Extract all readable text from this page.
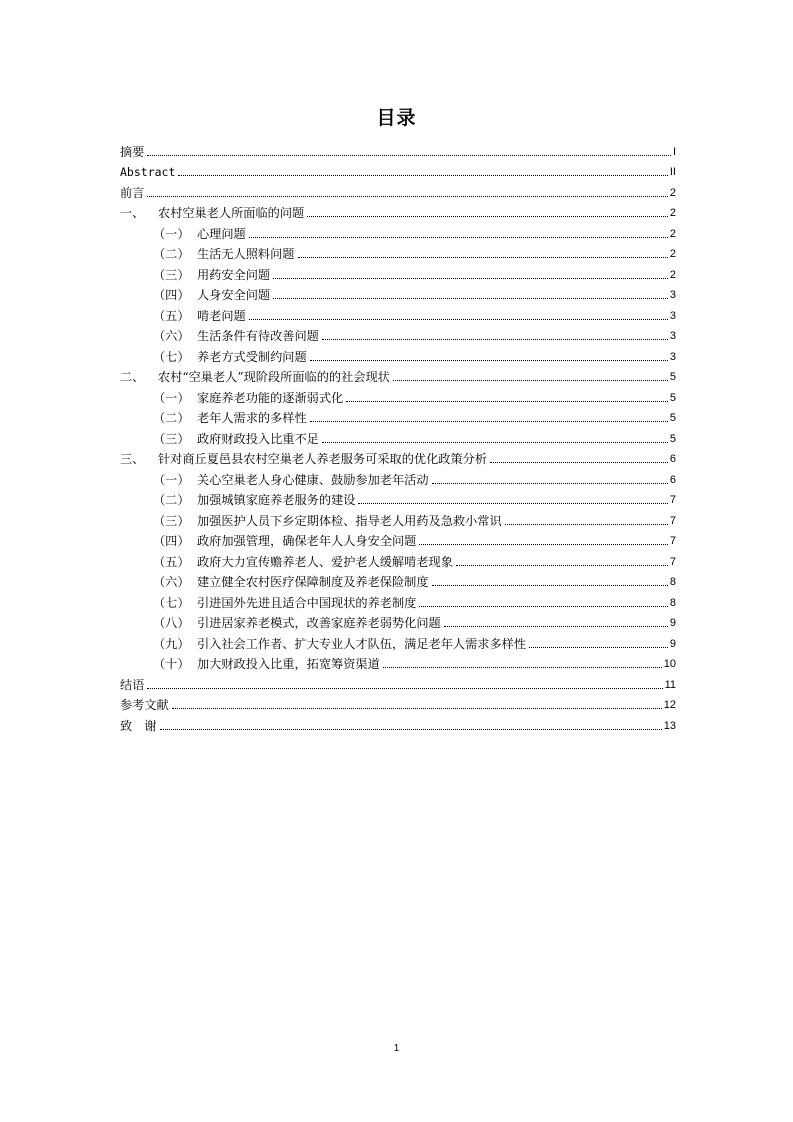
目录
摘要	I
Abstract	II
前言	2
一、	农村空巢老人所面临的问题	2
（一） 心理问题	2
（二） 生活无人照料问题	2
（三） 用药安全问题	2
（四） 人身安全问题	3
（五） 啃老问题	3
（六） 生活条件有待改善问题	3
（七） 养老方式受制约问题	3
二、	农村“空巢老人”现阶段所面临的的社会现状	5
（一） 家庭养老功能的逐渐弱式化	5
（二） 老年人需求的多样性	5
（三） 政府财政投入比重不足	5
三、	针对商丘夏邑县农村空巢老人养老服务可采取的优化政策分析	6
（一） 关心空巢老人身心健康、鼓励参加老年活动	6
（二） 加强城镇家庭养老服务的建设	7
（三） 加强医护人员下乡定期体检、指导老人用药及急救小常识	7
（四） 政府加强管理，确保老年人人身安全问题	7
（五） 政府大力宣传赡养老人、爱护老人缓解啃老现象	7
（六） 建立健全农村医疗保障制度及养老保险制度	8
（七） 引进国外先进且适合中国现状的养老制度	8
（八） 引进居家养老模式，改善家庭养老弱势化问题	9
（九） 引入社会工作者、扩大专业人才队伍，满足老年人需求多样性	9
（十） 加大财政投入比重，拓宽筹资渠道	10
结语	11
参考文献	12
致　谢	13
1
